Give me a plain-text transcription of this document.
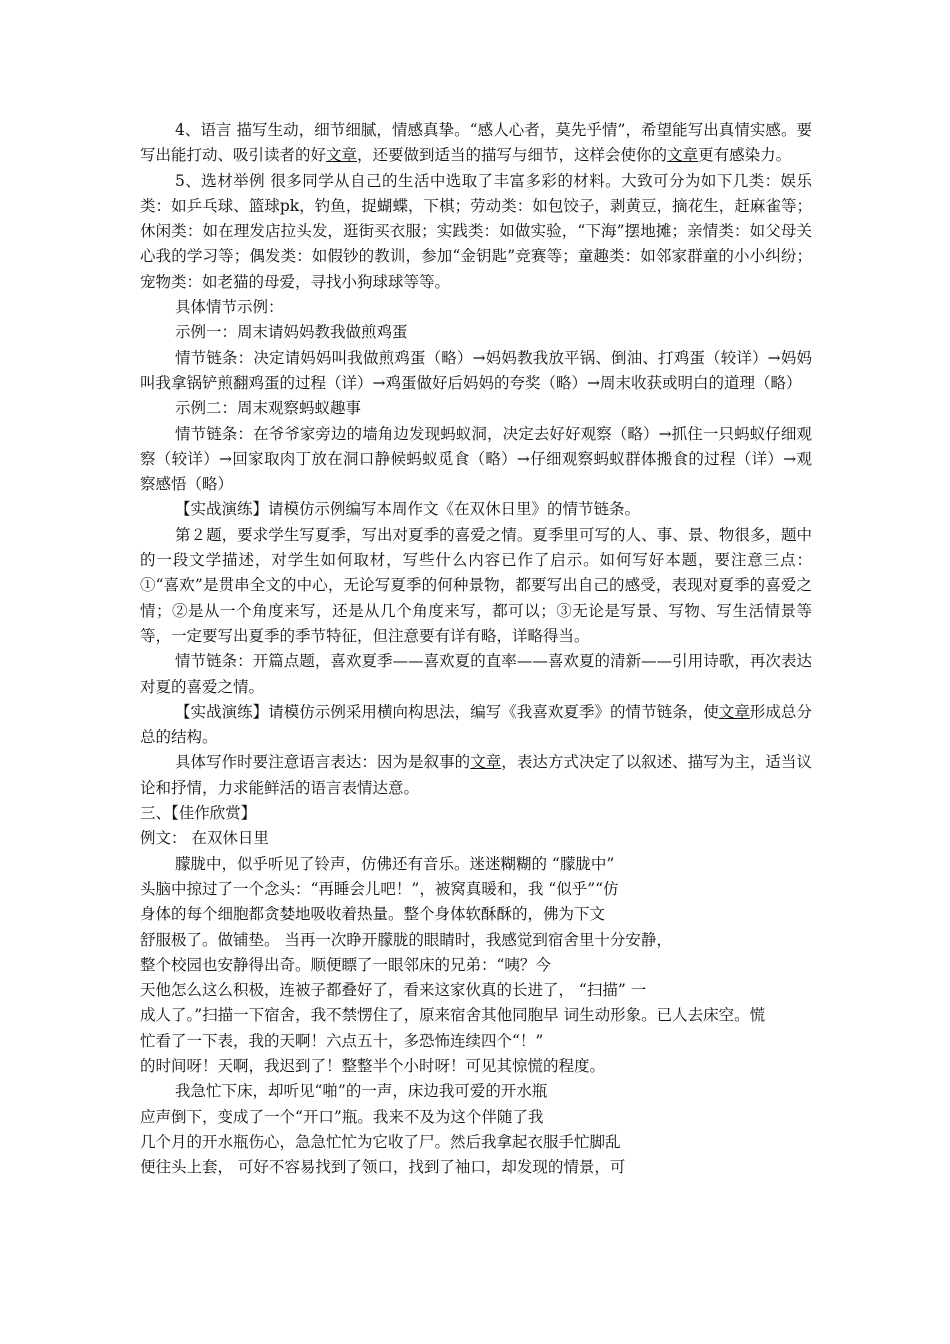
4、语言 描写生动，细节细腻，情感真挚。“感人心者，莫先乎情”，希望能写出真情实感。要写出能打动、吸引读者的好文章，还要做到适当的描写与细节，这样会使你的文章更有感染力。

5、选材举例 很多同学从自己的生活中选取了丰富多彩的材料。大致可分为如下几类：娱乐类：如乒乓球、篮球pk，钓鱼，捉蝴蝶，下棋；劳动类：如包饺子，剥黄豆，摘花生，赶麻雀等；休闲类：如在理发店拉头发，逛街买衣服；实践类：如做实验，“下海”摆地摊；亲情类：如父母关心我的学习等；偶发类：如假钞的教训，参加“金钥匙”竞赛等；童趣类：如邻家群童的小小纠纷；宠物类：如老猫的母爱，寻找小狗球球等等。

具体情节示例：

示例一：周末请妈妈教我做煎鸡蛋

情节链条：决定请妈妈叫我做煎鸡蛋（略）→妈妈教我放平锅、倒油、打鸡蛋（较详）→妈妈叫我拿锅铲煎翻鸡蛋的过程（详）→鸡蛋做好后妈妈的夸奖（略）→周末收获或明白的道理（略）

示例二：周末观察蚂蚁趣事

情节链条：在爷爷家旁边的墙角边发现蚂蚁洞，决定去好好观察（略）→抓住一只蚂蚁仔细观察（较详）→回家取肉丁放在洞口静候蚂蚁觅食（略）→仔细观察蚂蚁群体搬食的过程（详）→观察感悟（略）

【实战演练】请模仿示例编写本周作文《在双休日里》的情节链条。

第２题，要求学生写夏季，写出对夏季的喜爱之情。夏季里可写的人、事、景、物很多，题中的一段文学描述，对学生如何取材，写些什么内容已作了启示。如何写好本题，要注意三点：①“喜欢”是贯串全文的中心，无论写夏季的何种景物，都要写出自己的感受，表现对夏季的喜爱之情；②是从一个角度来写，还是从几个角度来写，都可以；③无论是写景、写物、写生活情景等等，一定要写出夏季的季节特征，但注意要有详有略，详略得当。

情节链条：开篇点题，喜欢夏季——喜欢夏的直率——喜欢夏的清新——引用诗歌，再次表达对夏的喜爱之情。

【实战演练】请模仿示例采用横向构思法，编写《我喜欢夏季》的情节链条，使文章形成总分总的结构。

具体写作时要注意语言表达：因为是叙事的文章，表达方式决定了以叙述、描写为主，适当议论和抒情，力求能鲜活的语言表情达意。

三、【佳作欣赏】

例文： 在双休日里

朦胧中，似乎听见了铃声，仿佛还有音乐。迷迷糊糊的 “朦胧中”
头脑中掠过了一个念头：“再睡会儿吧！”，被窝真暖和，我 “似乎”“仿
身体的每个细胞都贪婪地吸收着热量。整个身体软酥酥的，佛为下文
舒服极了。做铺垫。 当再一次睁开朦胧的眼睛时，我感觉到宿舍里十分安静，
整个校园也安静得出奇。顺便瞟了一眼邻床的兄弟：“咦？今
天他怎么这么积极，连被子都叠好了，看来这家伙真的长进了， “扫描” 一
成人了。”扫描一下宿舍，我不禁愣住了，原来宿舍其他同胞早 词生动形象。已人去床空。慌
忙看了一下表，我的天啊！六点五十，多恐怖连续四个“！”
的时间呀！天啊，我迟到了！整整半个小时呀！可见其惊慌的程度。
我急忙下床，却听见“啪”的一声，床边我可爱的开水瓶
应声倒下，变成了一个“开口”瓶。我来不及为这个伴随了我
几个月的开水瓶伤心，急急忙忙为它收了尸。然后我拿起衣服手忙脚乱
便往头上套， 可好不容易找到了领口，找到了袖口，却发现的情景，可
